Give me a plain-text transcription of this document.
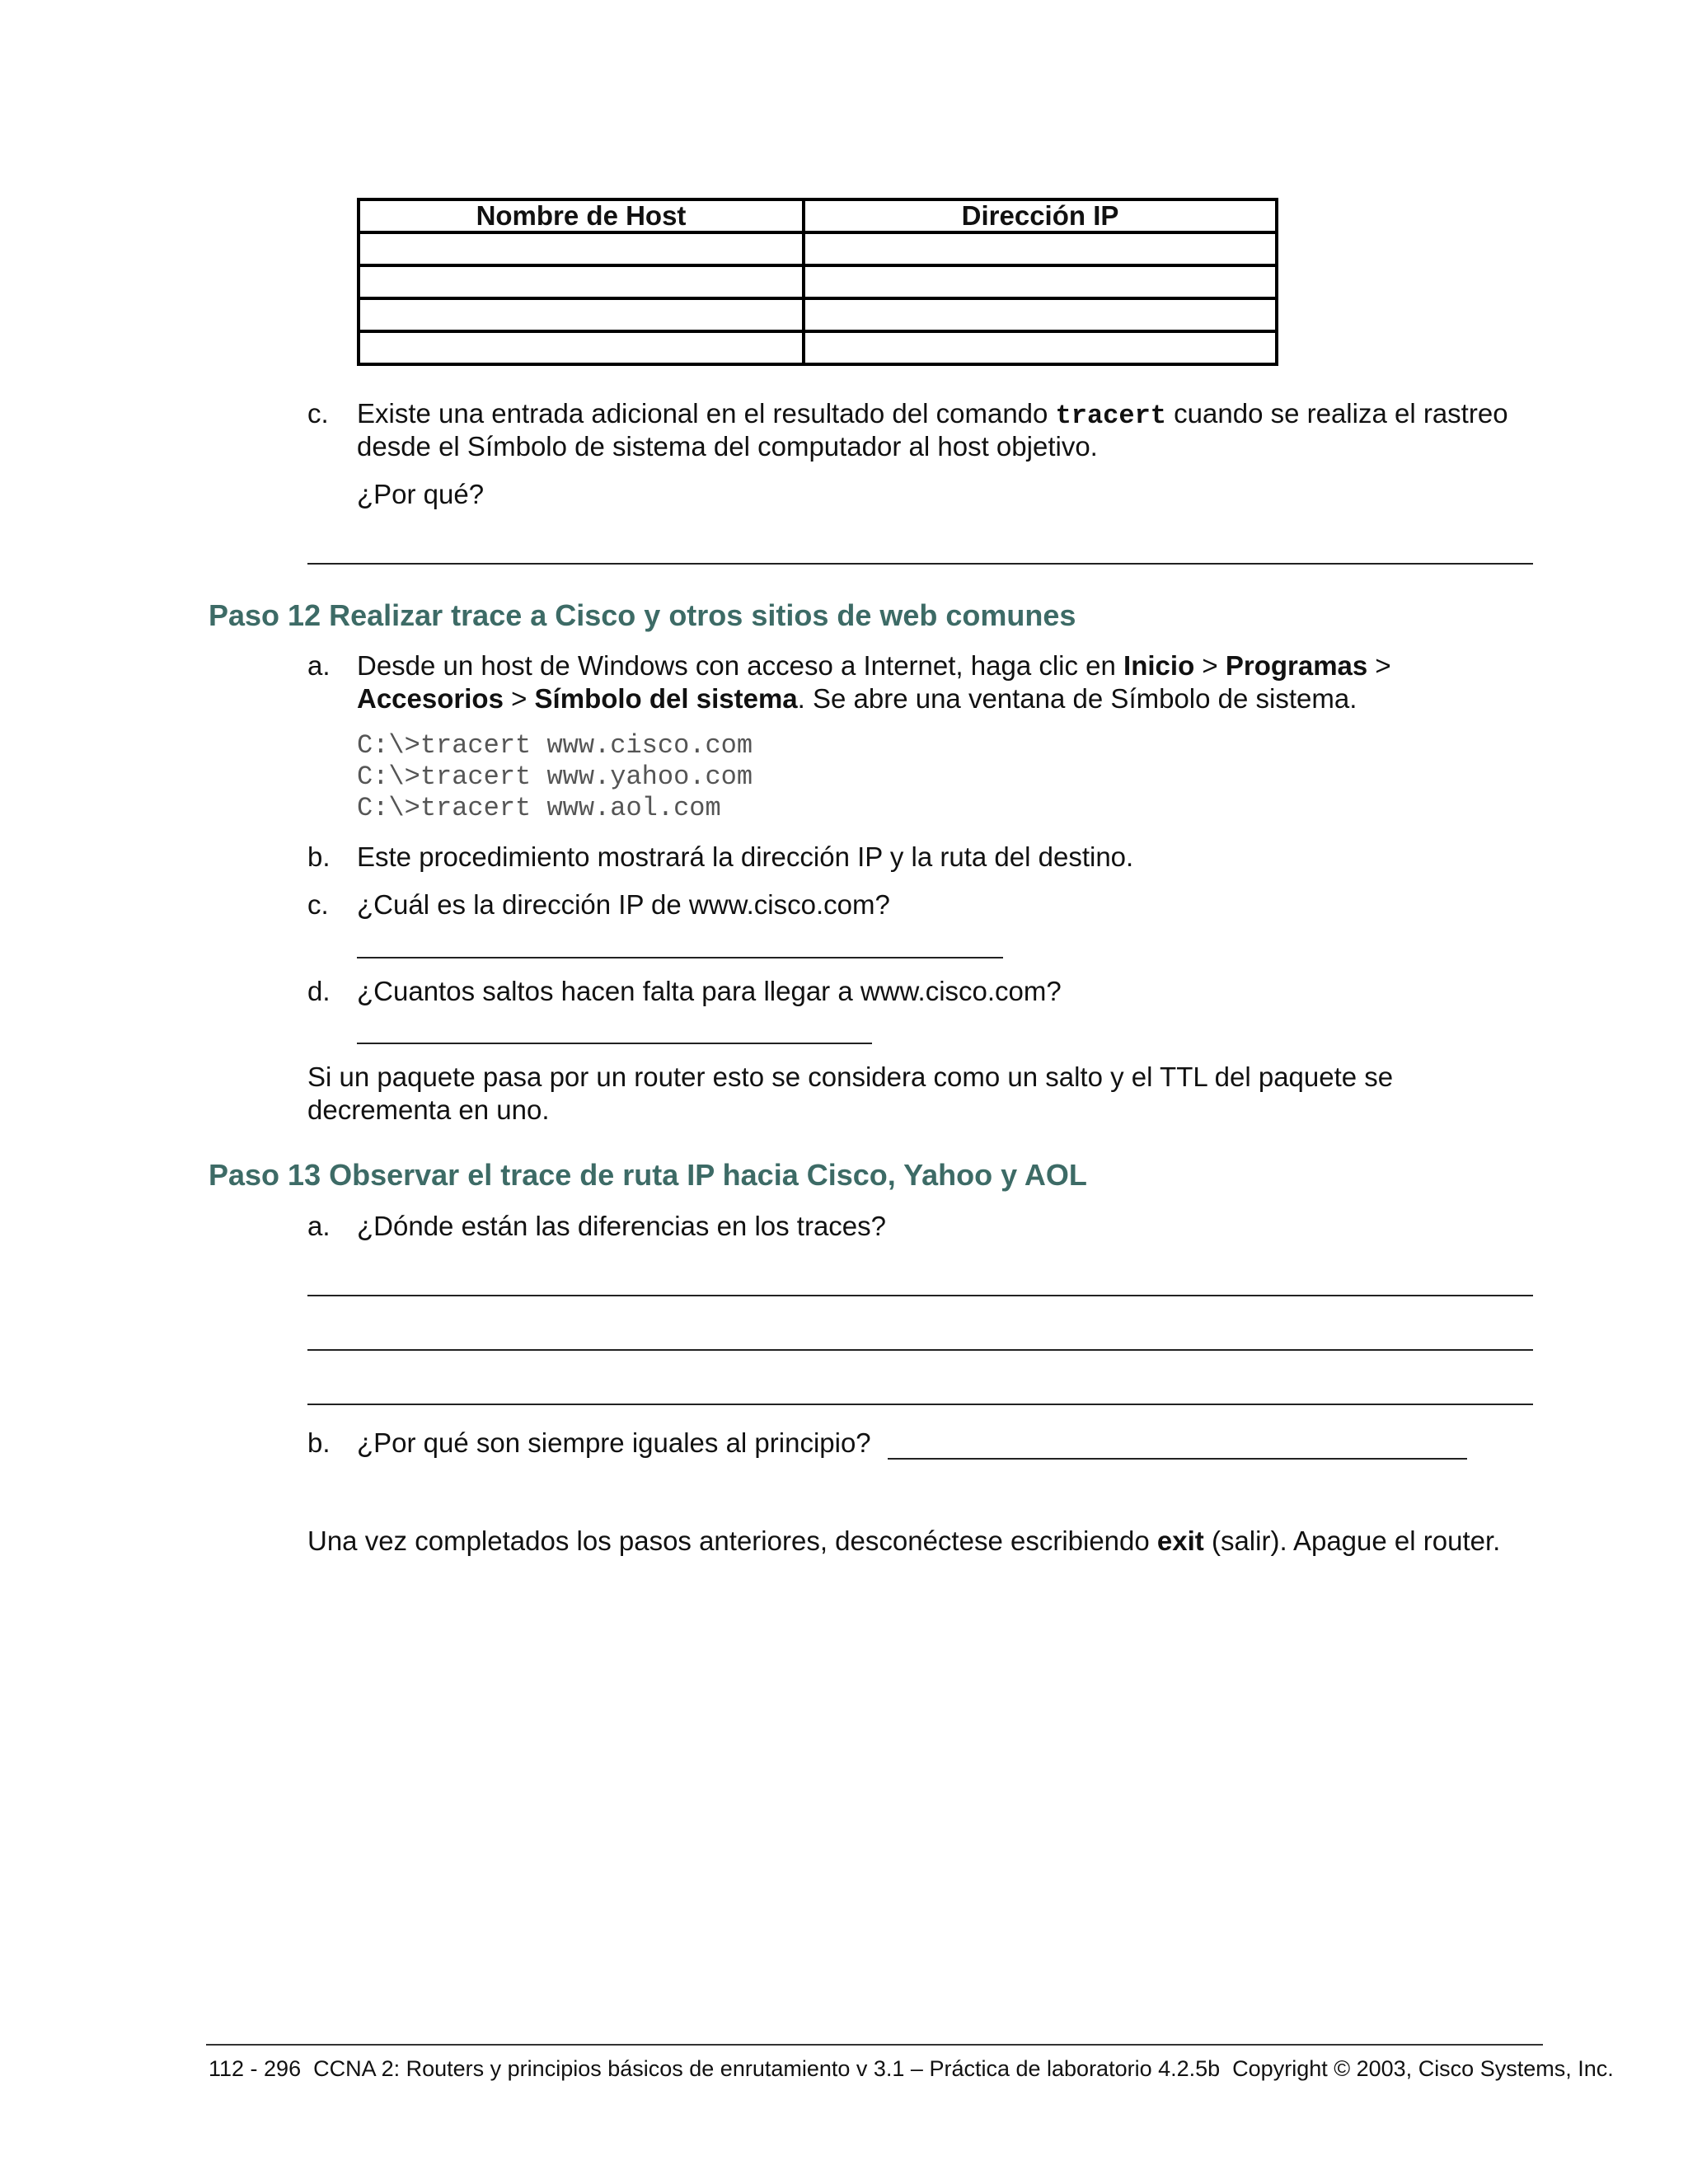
Nombre de Host	Dirección IP

c. Existe una entrada adicional en el resultado del comando tracert cuando se realiza el rastreo
desde el Símbolo de sistema del computador al host objetivo.
¿Por qué?
Paso 12 Realizar trace a Cisco y otros sitios de web comunes
a. Desde un host de Windows con acceso a Internet, haga clic en Inicio > Programas >
Accesorios > Símbolo del sistema. Se abre una ventana de Símbolo de sistema.
C:\>tracert www.cisco.com
C:\>tracert www.yahoo.com
C:\>tracert www.aol.com
b. Este procedimiento mostrará la dirección IP y la ruta del destino.
c. ¿Cuál es la dirección IP de www.cisco.com?
d. ¿Cuantos saltos hacen falta para llegar a www.cisco.com?
Si un paquete pasa por un router esto se considera como un salto y el TTL del paquete se
decrementa en uno.
Paso 13 Observar el trace de ruta IP hacia Cisco, Yahoo y AOL
a. ¿Dónde están las diferencias en los traces?
b. ¿Por qué son siempre iguales al principio?
Una vez completados los pasos anteriores, desconéctese escribiendo exit (salir). Apague el router.
112 - 296  CCNA 2: Routers y principios básicos de enrutamiento v 3.1 – Práctica de laboratorio 4.2.5b  Copyright © 2003, Cisco Systems, Inc.
